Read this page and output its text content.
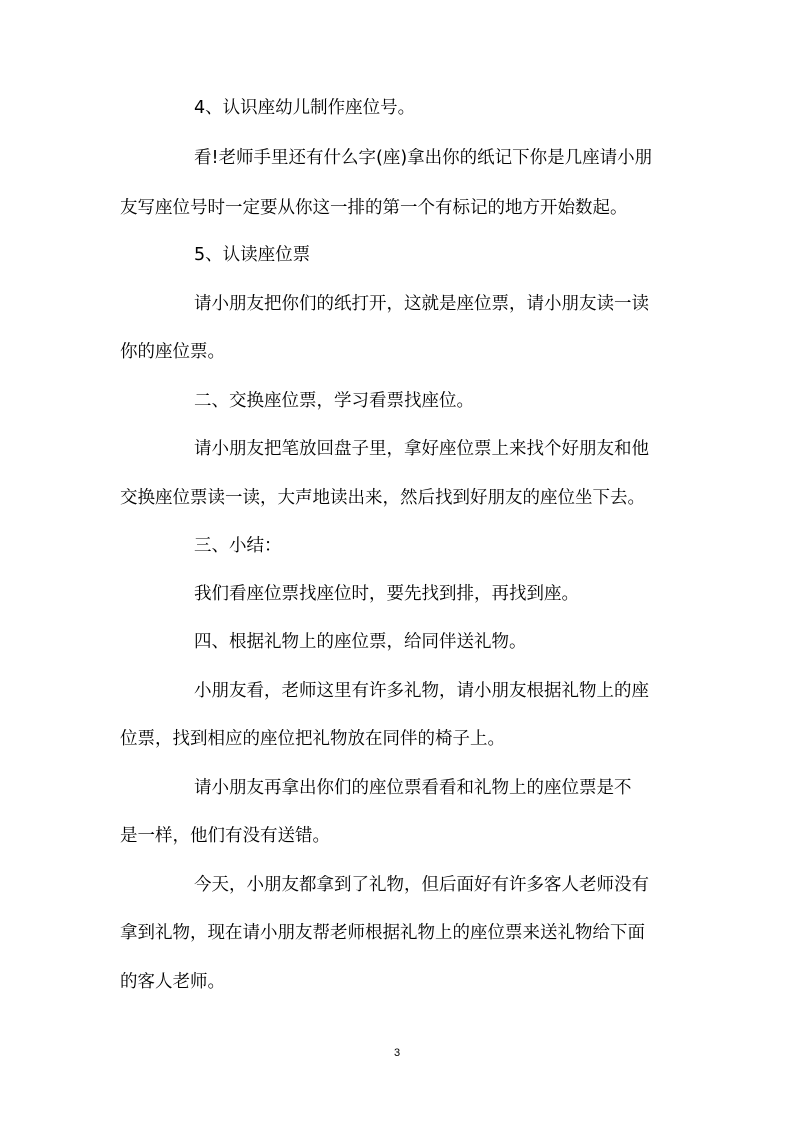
4、认识座幼儿制作座位号。
看!老师手里还有什么字(座)拿出你的纸记下你是几座请小朋
友写座位号时一定要从你这一排的第一个有标记的地方开始数起。
5、认读座位票
请小朋友把你们的纸打开，这就是座位票，请小朋友读一读
你的座位票。
二、交换座位票，学习看票找座位。
请小朋友把笔放回盘子里，拿好座位票上来找个好朋友和他
交换座位票读一读，大声地读出来，然后找到好朋友的座位坐下去。
三、小结：
我们看座位票找座位时，要先找到排，再找到座。
四、根据礼物上的座位票，给同伴送礼物。
小朋友看，老师这里有许多礼物，请小朋友根据礼物上的座
位票，找到相应的座位把礼物放在同伴的椅子上。
请小朋友再拿出你们的座位票看看和礼物上的座位票是不
是一样，他们有没有送错。
今天，小朋友都拿到了礼物，但后面好有许多客人老师没有
拿到礼物，现在请小朋友帮老师根据礼物上的座位票来送礼物给下面
的客人老师。
3
